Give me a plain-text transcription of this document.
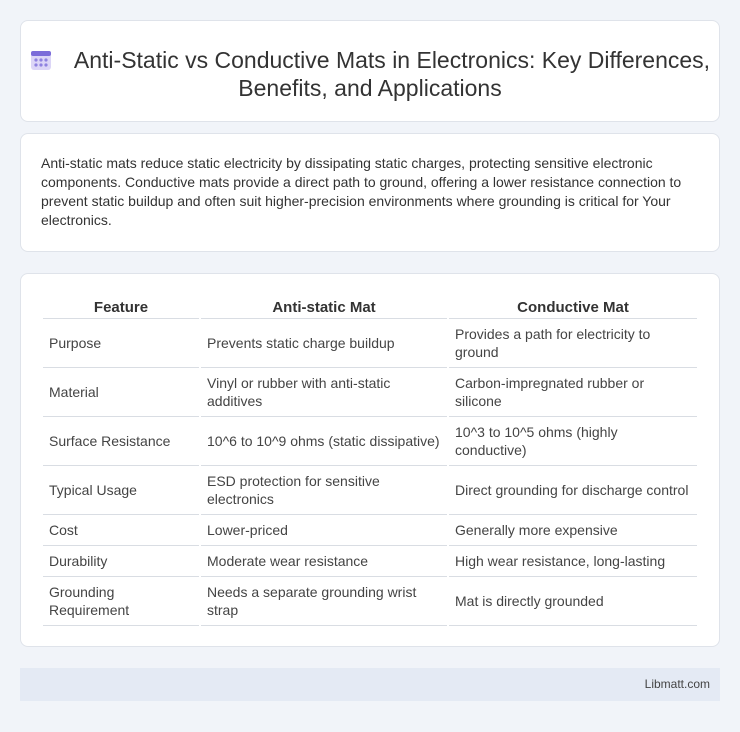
Anti-Static vs Conductive Mats in Electronics: Key Differences, Benefits, and Applications

Anti-static mats reduce static electricity by dissipating static charges, protecting sensitive electronic components. Conductive mats provide a direct path to ground, offering a lower resistance connection to prevent static buildup and often suit higher-precision environments where grounding is critical for Your electronics.

Feature	Anti-static Mat	Conductive Mat
Purpose	Prevents static charge buildup	Provides a path for electricity to ground
Material	Vinyl or rubber with anti-static additives	Carbon-impregnated rubber or silicone
Surface Resistance	10^6 to 10^9 ohms (static dissipative)	10^3 to 10^5 ohms (highly conductive)
Typical Usage	ESD protection for sensitive electronics	Direct grounding for discharge control
Cost	Lower-priced	Generally more expensive
Durability	Moderate wear resistance	High wear resistance, long-lasting
Grounding Requirement	Needs a separate grounding wrist strap	Mat is directly grounded
Libmatt.com
